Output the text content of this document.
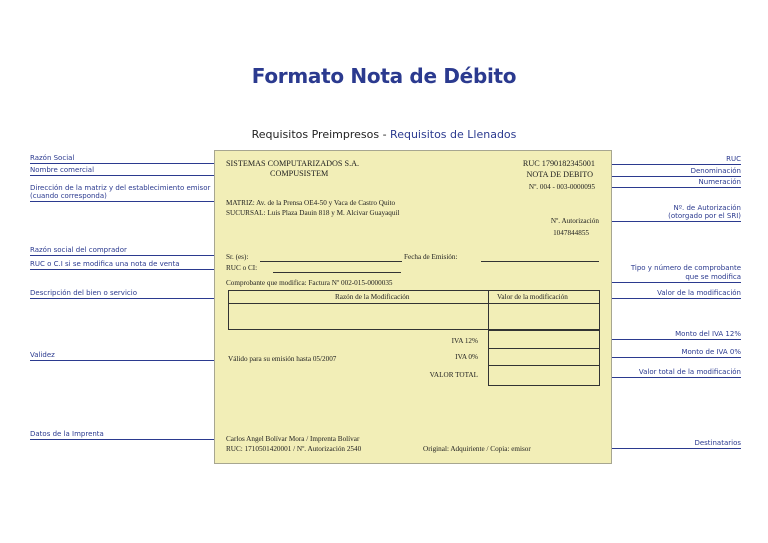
Formato Nota de Débito
Requisitos Preimpresos - Requisitos de Llenados
Razón Social
Nombre comercial
Dirección de la matriz y del establecimiento emisor
(cuando corresponda)
Razón social del comprador
RUC o C.I si se modifica una nota de venta
Descripción del bien o servicio
Validez
Datos de la Imprenta
RUC
Denominación
Numeración
Nº. de Autorización
(otorgado por el SRI)
Tipo y número de comprobante
que se modifica
Valor de la modificación
Monto del IVA 12%
Monto de IVA 0%
Valor total de la modificación
Destinatarios
SISTEMAS COMPUTARIZADOS S.A.
COMPUSISTEM
RUC 1790182345001
NOTA DE DEBITO
Nº. 004 - 003-0000095
MATRIZ: Av. de la Prensa OE4-50 y Vaca de Castro Quito
SUCURSAL: Luis Plaza Dauin 818 y M. Alcivar Guayaquil
Nº. Autorización
1047844855
Sr. (es):	Fecha de Emisión:
RUC o CI:
Comprobante que modifica: Factura Nº 002-015-0000035
Razón de la Modificación	Valor de la modificación
IVA 12%
IVA 0%
VALOR TOTAL
Válido para su emisión hasta 05/2007
Carlos Angel Bolívar Mora / Imprenta Bolívar
RUC: 1710501420001 / Nº. Autorización 2540	Original: Adquiriente / Copia: emisor
